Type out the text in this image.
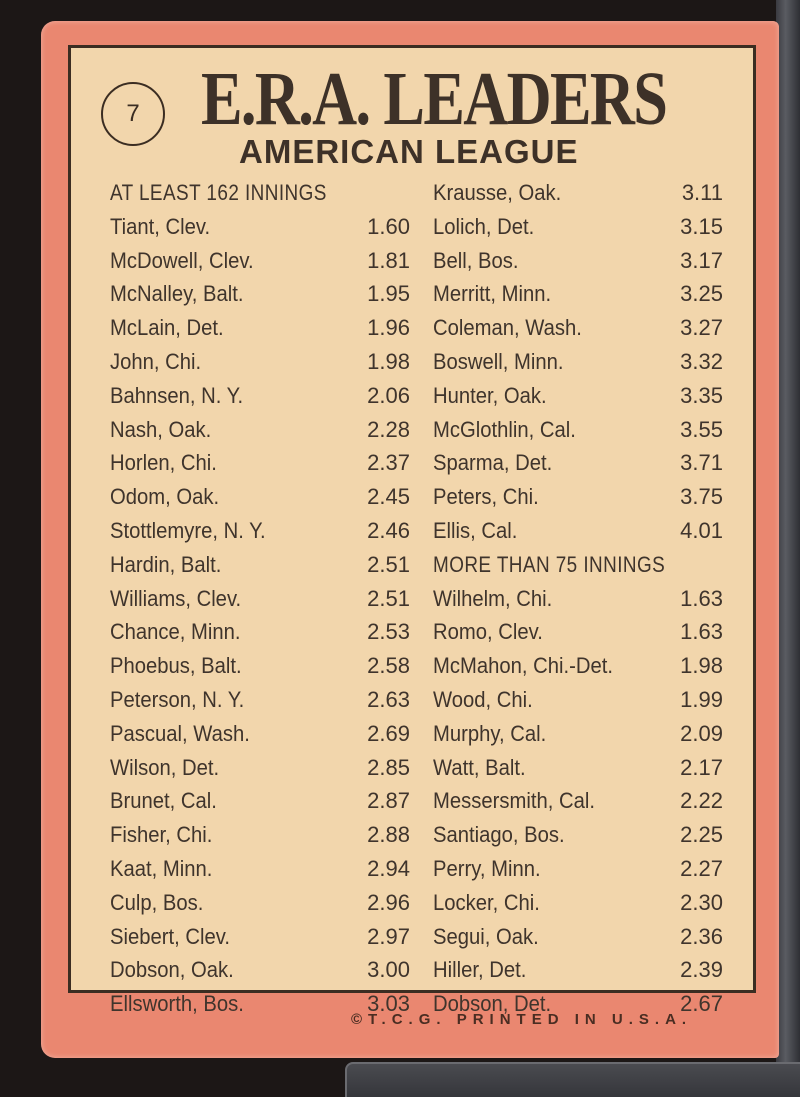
7 E.R.A. LEADERS
AMERICAN LEAGUE
AT LEAST 162 INNINGS
Tiant, Clev.	1.60
McDowell, Clev.	1.81
McNalley, Balt.	1.95
McLain, Det.	1.96
John, Chi.	1.98
Bahnsen, N. Y.	2.06
Nash, Oak.	2.28
Horlen, Chi.	2.37
Odom, Oak.	2.45
Stottlemyre, N. Y.	2.46
Hardin, Balt.	2.51
Williams, Clev.	2.51
Chance, Minn.	2.53
Phoebus, Balt.	2.58
Peterson, N. Y.	2.63
Pascual, Wash.	2.69
Wilson, Det.	2.85
Brunet, Cal.	2.87
Fisher, Chi.	2.88
Kaat, Minn.	2.94
Culp, Bos.	2.96
Siebert, Clev.	2.97
Dobson, Oak.	3.00
Ellsworth, Bos.	3.03
Krausse, Oak.	3.11
Lolich, Det.	3.15
Bell, Bos.	3.17
Merritt, Minn.	3.25
Coleman, Wash.	3.27
Boswell, Minn.	3.32
Hunter, Oak.	3.35
McGlothlin, Cal.	3.55
Sparma, Det.	3.71
Peters, Chi.	3.75
Ellis, Cal.	4.01
MORE THAN 75 INNINGS
Wilhelm, Chi.	1.63
Romo, Clev.	1.63
McMahon, Chi.-Det.	1.98
Wood, Chi.	1.99
Murphy, Cal.	2.09
Watt, Balt.	2.17
Messersmith, Cal.	2.22
Santiago, Bos.	2.25
Perry, Minn.	2.27
Locker, Chi.	2.30
Segui, Oak.	2.36
Hiller, Det.	2.39
Dobson, Det.	2.67
©T.C.G. PRINTED IN U.S.A.
